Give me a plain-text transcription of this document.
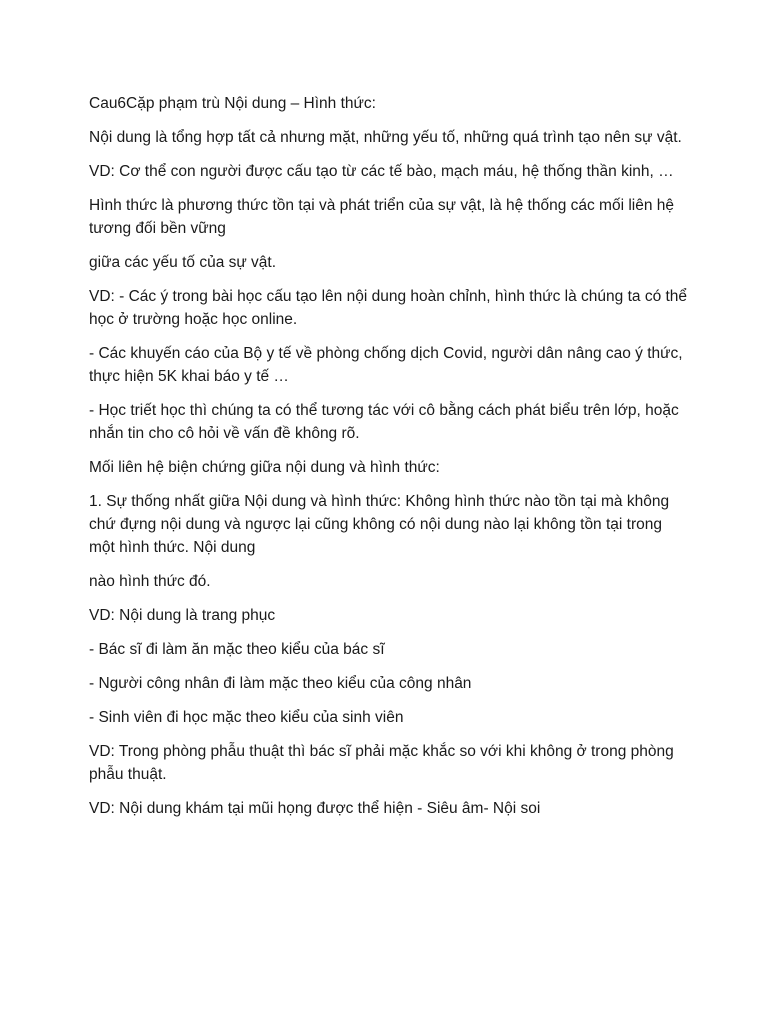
Cau6Cặp phạm trù Nội dung – Hình thức:

Nội dung là tổng hợp tất cả nhưng mặt, những yếu tố, những quá trình tạo nên sự vật.

VD: Cơ thể con người được cấu tạo từ các tế bào, mạch máu, hệ thống thần kinh, …

Hình thức là phương thức tồn tại và phát triển của sự vật, là hệ thống các mối liên hệ tương đối bền vững

giữa các yếu tố của sự vật.

VD: - Các ý trong bài học cấu tạo lên nội dung hoàn chỉnh, hình thức là chúng ta có thể học ở trường hoặc học online.

- Các khuyến cáo của Bộ y tế về phòng chống dịch Covid, người dân nâng cao ý thức, thực hiện 5K khai báo y tế …

- Học triết học thì chúng ta có thể tương tác với cô bằng cách phát biểu trên lớp, hoặc nhắn tin cho cô hỏi về vấn đề không rõ.

Mối liên hệ biện chứng giữa nội dung và hình thức:

1. Sự thống nhất giữa Nội dung và hình thức: Không hình thức nào tồn tại mà không chứ đựng nội dung và ngược lại cũng không có nội dung nào lại không tồn tại trong một hình thức. Nội dung

nào hình thức đó.

VD: Nội dung là trang phục

- Bác sĩ đi làm ăn mặc theo kiểu của bác sĩ

- Người công nhân đi làm mặc theo kiểu của công nhân

- Sinh viên đi học mặc theo kiểu của sinh viên

VD: Trong phòng phẫu thuật thì bác sĩ phải mặc khắc so với khi không ở trong phòng phẫu thuật.

VD: Nội dung khám tại mũi họng được thể hiện - Siêu âm- Nội soi
